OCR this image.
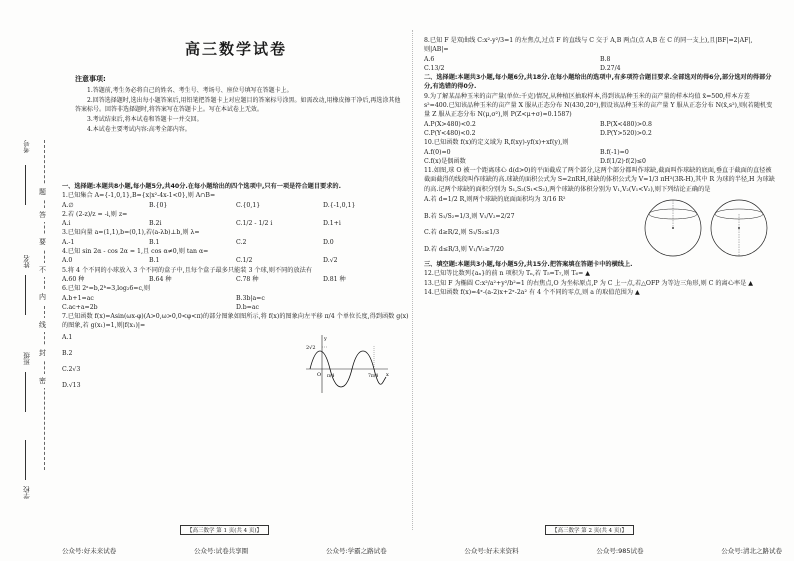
考号
姓名
班级
学校
题
答
要
不
内
线
封
密
高三数学试卷
注意事项:

1.答题前,考生务必将自己的姓名、考生号、考场号、座位号填写在答题卡上。

2.回答选择题时,选出每小题答案后,用铅笔把答题卡上对应题目的答案标号涂黑。如需改动,用橡皮擦干净后,再选涂其他答案标号。回答非选择题时,将答案写在答题卡上。写在本试卷上无效。

3.考试结束后,将本试卷和答题卡一并交回。

4.本试卷主要考试内容:高考全部内容。

一、选择题:本题共8小题,每小题5分,共40分.在每小题给出的四个选项中,只有一项是符合题目要求的.
1.已知集合 A={-1,0,1},B={x|x²-4x-1<0},则 A∩B=
A.∅	B.{0}	C.{0,1}	D.{-1,0,1}
2.若 (2-z)/z = -i,则 z=
A.i	B.2i	C.1/2 - 1/2 i	D.1+i
3.已知向量 a=(1,1),b=(0,1),若(a-λb)⊥b,则 λ=
A.-1	B.1	C.2	D.0
4.已知 sin 2α - cos 2α = 1,且 cos α≠0,则 tan α=
A.0	B.1	C.1/2	D.√2
5.将 4 个不同的小球放入 3 个不同的盒子中,且每个盒子最多只能装 3 个球,则不同的放法有
A.60 种	B.64 种	C.78 种	D.81 种
6.已知 2ᵃ=b,2ᵇ=3,log₂6=c,则
A.b+1=ac	B.3b|a=c
C.ac+a=2b	D.b=ac
7.已知函数 f(x)=Asin(ωx-φ)(A>0,ω>0,0<φ<π)的部分图象如图所示,将 f(x)的图象向左平移 π/4 个单位长度,得到函数 g(x)的图象,若 g(x₁)=1,则|f(x₁)|=
A.1
B.2
C.2√3
D.√13
2√2
y
x
O π/4	7π/4
【高三数学 第 1 页(共 4 页)】
8.已知 F 是双曲线 C:x²-y²/3=1 的左焦点,过点 F 的直线与 C 交于 A,B 两点(点 A,B 在 C 的同一支上),且|BF|=2|AF|,则|AB|=
A.6	B.8
C.13/2	D.27/4
二、选择题:本题共3小题,每小题6分,共18分.在每小题给出的选项中,有多项符合题目要求.全部选对的得6分,部分选对的得部分分,有选错的得0分.
9.为了解某品种玉米的亩产量(单位:千克)情况,从种植区抽取样本,得到该品种玉米的亩产量的样本均值 x̄=500,样本方差 s²=400.已知该品种玉米的亩产量 X 服从正态分布 N(430,20²),假设该品种玉米的亩产量 Y 服从正态分布 N(x̄,s²),则(若随机变量 Z 服从正态分布 N(μ,σ²),则 P(Z<μ+σ)≈0.1587)
A.P(X>480)<0.2	B.P(X<480)>0.8
C.P(Y<480)<0.2	D.P(Y>520)>0.2
10.已知函数 f(x)的定义域为 R,f(xy)-yf(x)+xf(y),则
A.f(0)=0	B.f(-1)=0
C.f(x)是偶函数	D.f(1/2)·f(2)≤0
11.如图,球 O 被一个距离球心 d(d>0)的平面截成了两个部分,这两个部分都叫作球缺,截面叫作球缺的底面,垂直于截面的直径被截面截得的线段叫作球缺的高.球缺的面积公式为 S=2πRH,球缺的体积公式为 V=1/3 πH²(3R-H),其中 R 为球的半径,H 为球缺的高.记两个球缺的面积分别为 S₁,S₂(S₁<S₂),两个球缺的体积分别为 V₁,V₂(V₁<V₂),则下列结论正确的是
A.若 d=1/2 R,则两个球缺的底面面积均为 3/16 R²
B.若 S₁/S₂=1/3,则 V₁/V₂=2/27
C.若 d≥R/2,则 S₁/S₂≤1/3
D.若 d≤R/3,则 V₁/V₂≥7/20
三、填空题:本题共3小题,每小题5分,共15分.把答案填在答题卡中的横线上.
12.已知等比数列{aₙ}的前 n 项积为 Tₙ,若 T₅=T₇,则 T₆= ▲
13.已知 F 为椭圆 C:x²/a²+y²/b²=1 的右焦点,O 为坐标原点,P 为 C 上一点,若△OFP 为等边三角形,则 C 的离心率是 ▲
14.已知函数 f(x)=4ˣ-(a-2)x+2ˣ-2a² 有 4 个不同的零点,则 a 的取值范围为 ▲
【高三数学 第 2 页(共 4 页)】
公众号:好未来试卷	公众号:试卷共享圈	公众号:学霸之路试卷	公众号:好未来资料	公众号:985试卷	公众号:清北之路试卷
